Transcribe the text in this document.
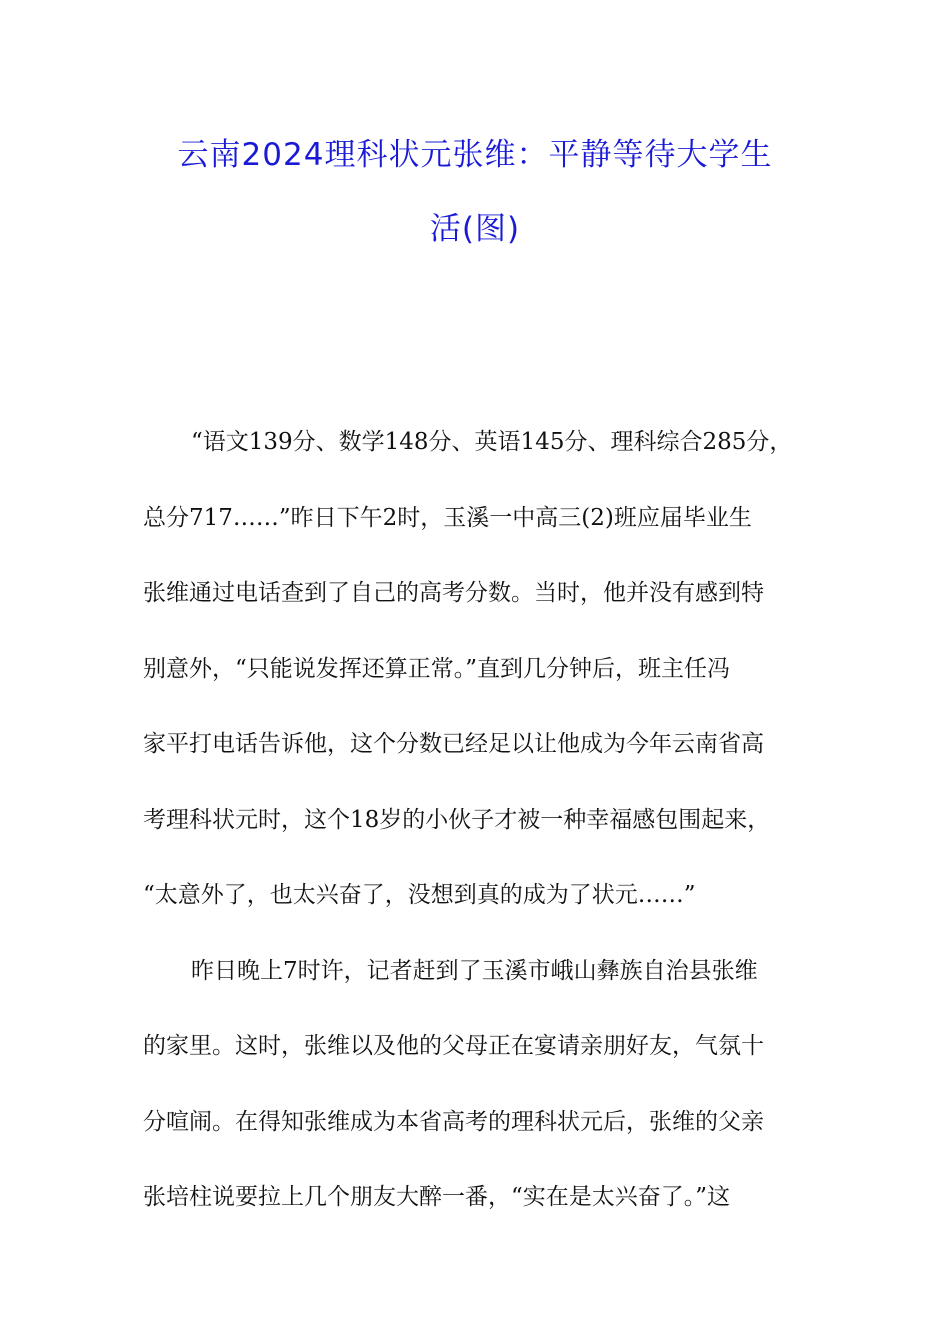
云南2024理科状元张维：平静等待大学生
活(图)
“语文139分、数学148分、英语145分、理科综合285分，
总分717……”昨日下午2时，玉溪一中高三(2)班应届毕业生
张维通过电话查到了自己的高考分数。当时，他并没有感到特
别意外，“只能说发挥还算正常。”直到几分钟后，班主任冯
家平打电话告诉他，这个分数已经足以让他成为今年云南省高
考理科状元时，这个18岁的小伙子才被一种幸福感包围起来，
“太意外了，也太兴奋了，没想到真的成为了状元……”
昨日晚上7时许，记者赶到了玉溪市峨山彝族自治县张维
的家里。这时，张维以及他的父母正在宴请亲朋好友，气氛十
分喧闹。在得知张维成为本省高考的理科状元后，张维的父亲
张培柱说要拉上几个朋友大醉一番，“实在是太兴奋了。”这
